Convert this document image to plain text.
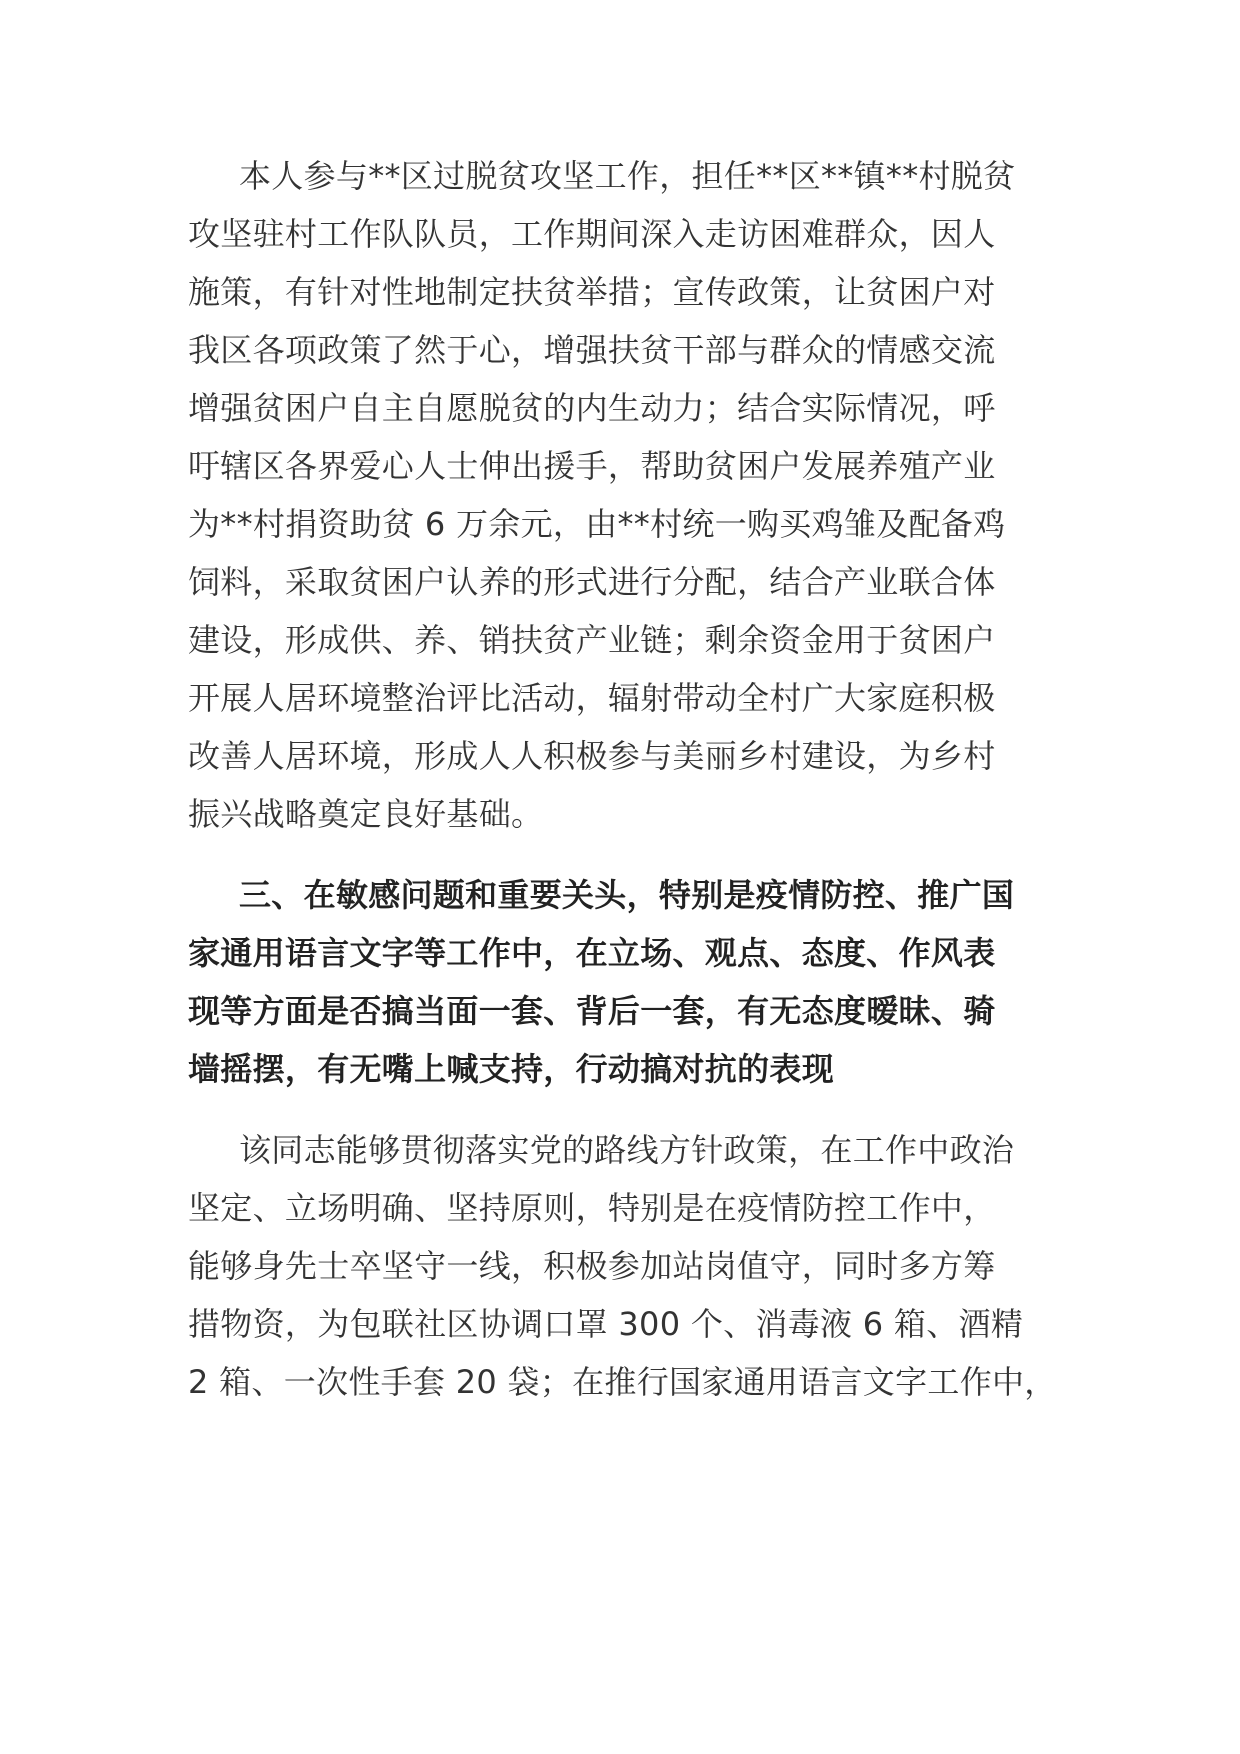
本人参与**区过脱贫攻坚工作，担任**区**镇**村脱贫

攻坚驻村工作队队员，工作期间深入走访困难群众，因人

施策，有针对性地制定扶贫举措；宣传政策，让贫困户对

我区各项政策了然于心，增强扶贫干部与群众的情感交流

增强贫困户自主自愿脱贫的内生动力；结合实际情况，呼

吁辖区各界爱心人士伸出援手，帮助贫困户发展养殖产业

为**村捐资助贫 6 万余元，由**村统一购买鸡雏及配备鸡

饲料，采取贫困户认养的形式进行分配，结合产业联合体

建设，形成供、养、销扶贫产业链；剩余资金用于贫困户

开展人居环境整治评比活动，辐射带动全村广大家庭积极

改善人居环境，形成人人积极参与美丽乡村建设，为乡村

振兴战略奠定良好基础。

三、在敏感问题和重要关头，特别是疫情防控、推广国

家通用语言文字等工作中，在立场、观点、态度、作风表

现等方面是否搞当面一套、背后一套，有无态度暧昧、骑

墙摇摆，有无嘴上喊支持，行动搞对抗的表现

该同志能够贯彻落实党的路线方针政策，在工作中政治

坚定、立场明确、坚持原则，特别是在疫情防控工作中，

能够身先士卒坚守一线，积极参加站岗值守，同时多方筹

措物资，为包联社区协调口罩 300 个、消毒液 6 箱、酒精

2 箱、一次性手套 20 袋；在推行国家通用语言文字工作中，
